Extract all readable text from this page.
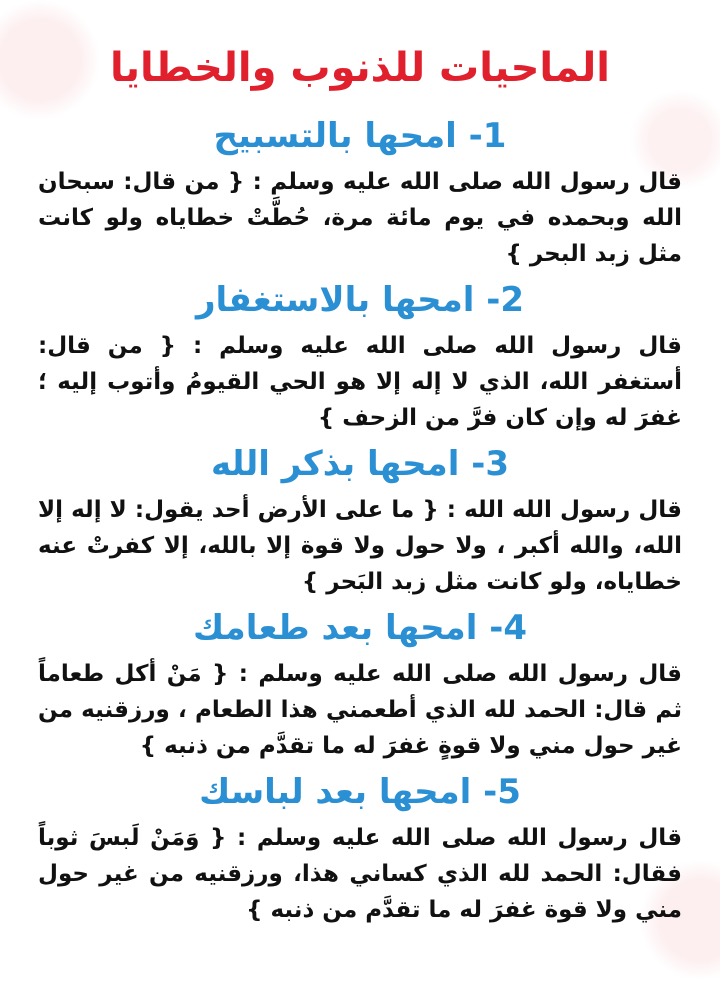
الماحيات للذنوب والخطايا
1- امحها بالتسبيح
قال رسول الله صلى الله عليه وسلم : { من قال: سبحان الله وبحمده في يوم مائة مرة، حُطَّتْ خطاياه ولو كانت مثل زبد البحر }
2- امحها بالاستغفار
قال رسول الله صلى الله عليه وسلم : { من قال: أستغفر الله، الذي لا إله إلا هو الحي القيومُ وأتوب إليه ؛ غفرَ له وإن كان فرَّ من الزحف }
3- امحها بذكر الله
قال رسول الله الله : { ما على الأرض أحد يقول: لا إله إلا الله، والله أكبر ، ولا حول ولا قوة إلا بالله، إلا كفرتْ عنه خطاياه، ولو كانت مثل زبد البَحر }
4- امحها بعد طعامك
قال رسول الله صلى الله عليه وسلم : { مَنْ أكل طعاماً ثم قال: الحمد لله الذي أطعمني هذا الطعام ، ورزقنيه من غير حول مني ولا قوةٍ غفرَ له ما تقدَّم من ذنبه }
5- امحها بعد لباسك
قال رسول الله صلى الله عليه وسلم : { وَمَنْ لَبسَ ثوباً فقال: الحمد لله الذي كساني هذا، ورزقنيه من غير حول مني ولا قوة غفرَ له ما تقدَّم من ذنبه }
